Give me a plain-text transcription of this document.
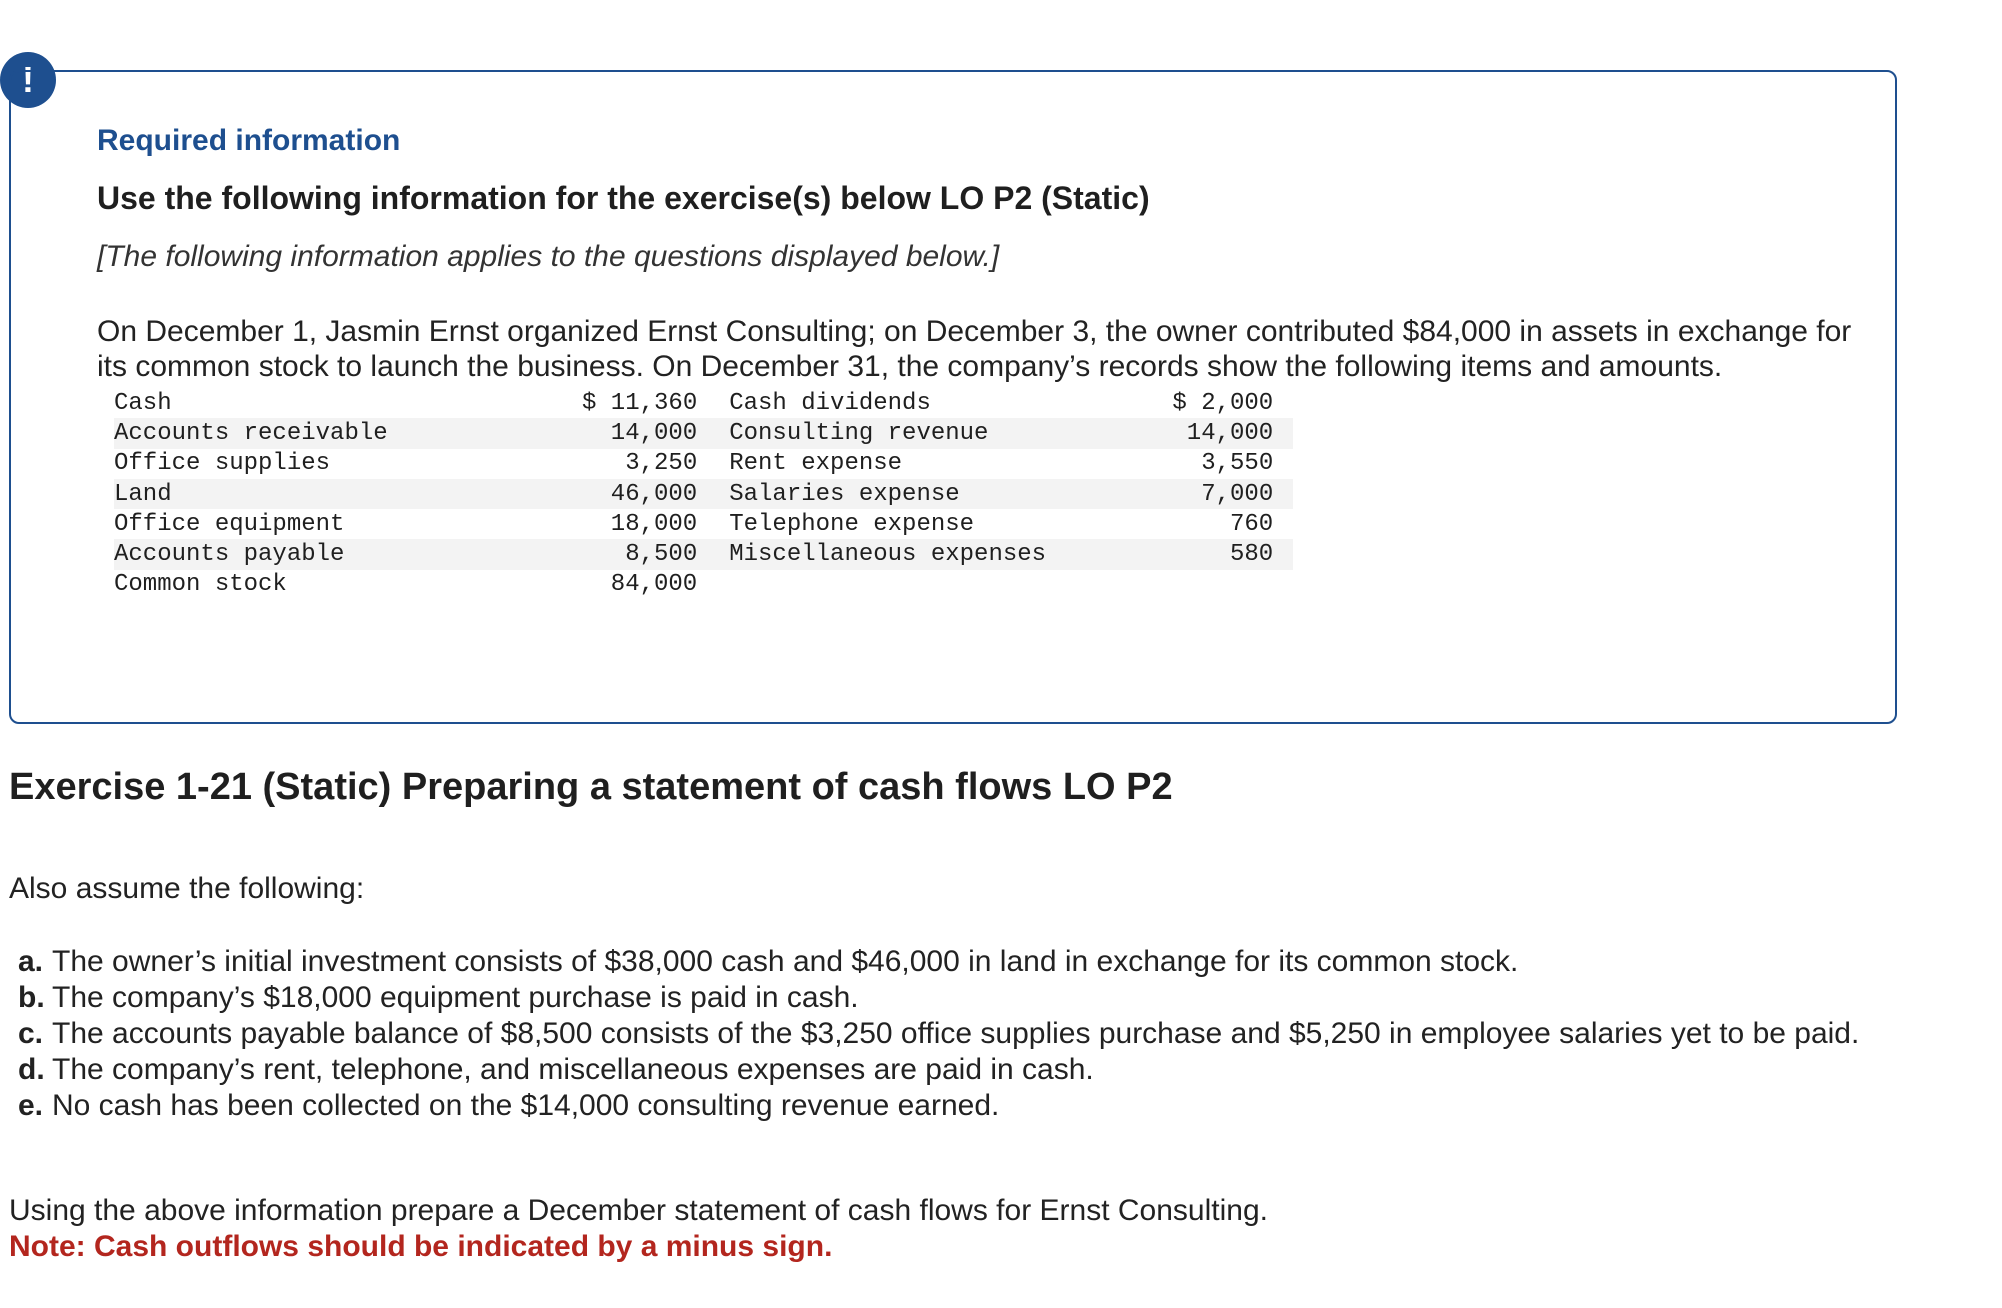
!
Required information
Use the following information for the exercise(s) below LO P2 (Static)
[The following information applies to the questions displayed below.]
On December 1, Jasmin Ernst organized Ernst Consulting; on December 3, the owner contributed $84,000 in assets in exchange for its common stock to launch the business. On December 31, the company’s records show the following items and amounts.
Cash	$ 11,360		Cash dividends	$ 2,000	
Accounts receivable	14,000		Consulting revenue	14,000	
Office supplies	3,250		Rent expense	3,550	
Land	46,000		Salaries expense	7,000	
Office equipment	18,000		Telephone expense	760	
Accounts payable	8,500		Miscellaneous expenses	580	
Common stock	84,000				
Exercise 1-21 (Static) Preparing a statement of cash flows LO P2
Also assume the following:
a. The owner’s initial investment consists of $38,000 cash and $46,000 in land in exchange for its common stock.
b. The company’s $18,000 equipment purchase is paid in cash.
c. The accounts payable balance of $8,500 consists of the $3,250 office supplies purchase and $5,250 in employee salaries yet to be paid.
d. The company’s rent, telephone, and miscellaneous expenses are paid in cash.
e. No cash has been collected on the $14,000 consulting revenue earned.
Using the above information prepare a December statement of cash flows for Ernst Consulting.
Note: Cash outflows should be indicated by a minus sign.
